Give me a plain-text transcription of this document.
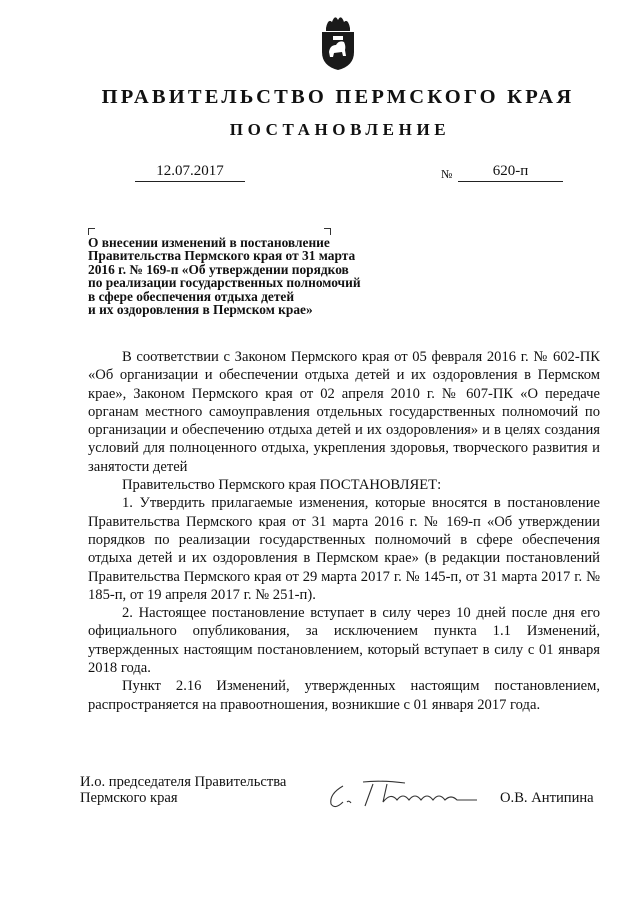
ПРАВИТЕЛЬСТВО ПЕРМСКОГО КРАЯ
ПОСТАНОВЛЕНИЕ
12.07.2017	№	620-п
О внесении изменений в постановление
Правительства Пермского края от 31 марта
2016 г. № 169-п «Об утверждении порядков
по реализации государственных полномочий
в сфере обеспечения отдыха детей
и их оздоровления в Пермском крае»

В соответствии с Законом Пермского края от 05 февраля 2016 г. № 602-ПК «Об организации и обеспечении отдыха детей и их оздоровления в Пермском крае», Законом Пермского края от 02 апреля 2010 г. № 607-ПК «О передаче органам местного самоуправления отдельных государственных полномочий по организации и обеспечению отдыха детей и их оздоровления» и в целях создания условий для полноценного отдыха, укрепления здоровья, творческого развития и занятости детей

Правительство Пермского края ПОСТАНОВЛЯЕТ:

1. Утвердить прилагаемые изменения, которые вносятся в постановление Правительства Пермского края от 31 марта 2016 г. № 169-п «Об утверждении порядков по реализации государственных полномочий в сфере обеспечения отдыха детей и их оздоровления в Пермском крае» (в редакции постановлений Правительства Пермского края от 29 марта 2017 г. № 145-п, от 31 марта 2017 г. № 185-п, от 19 апреля 2017 г. № 251-п).

2. Настоящее постановление вступает в силу через 10 дней после дня его официального опубликования, за исключением пункта 1.1 Изменений, утвержденных настоящим постановлением, который вступает в силу с 01 января 2018 года.

Пункт 2.16 Изменений, утвержденных настоящим постановлением, распространяется на правоотношения, возникшие с 01 января 2017 года.

И.о. председателя Правительства
Пермского края	О.В. Антипина
